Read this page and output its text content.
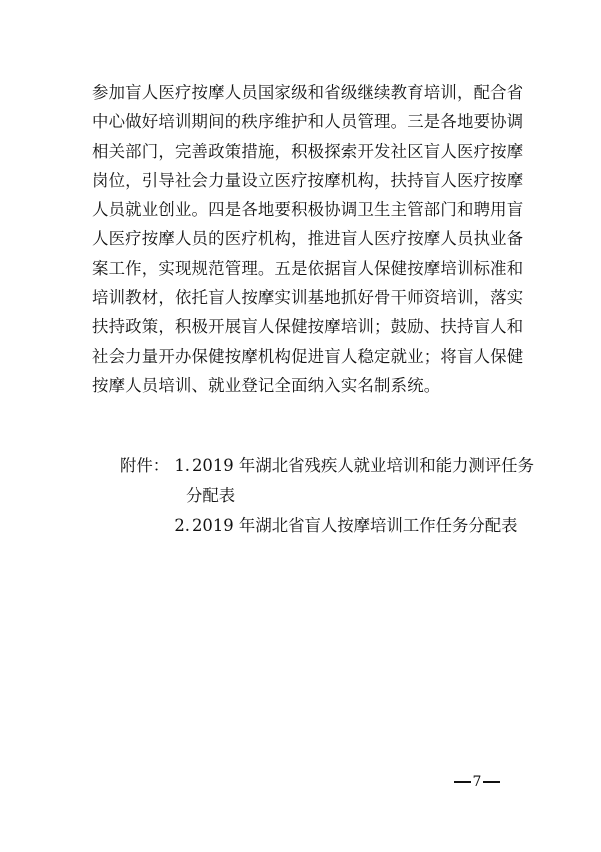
参加盲人医疗按摩人员国家级和省级继续教育培训，配合省
中心做好培训期间的秩序维护和人员管理。三是各地要协调
相关部门，完善政策措施，积极探索开发社区盲人医疗按摩
岗位，引导社会力量设立医疗按摩机构，扶持盲人医疗按摩
人员就业创业。四是各地要积极协调卫生主管部门和聘用盲
人医疗按摩人员的医疗机构，推进盲人医疗按摩人员执业备
案工作，实现规范管理。五是依据盲人保健按摩培训标准和
培训教材，依托盲人按摩实训基地抓好骨干师资培训，落实
扶持政策，积极开展盲人保健按摩培训；鼓励、扶持盲人和
社会力量开办保健按摩机构促进盲人稳定就业；将盲人保健
按摩人员培训、就业登记全面纳入实名制系统。
附件： 1. 2019 年湖北省残疾人就业培训和能力测评任务
分配表
2. 2019 年湖北省盲人按摩培训工作任务分配表
7
